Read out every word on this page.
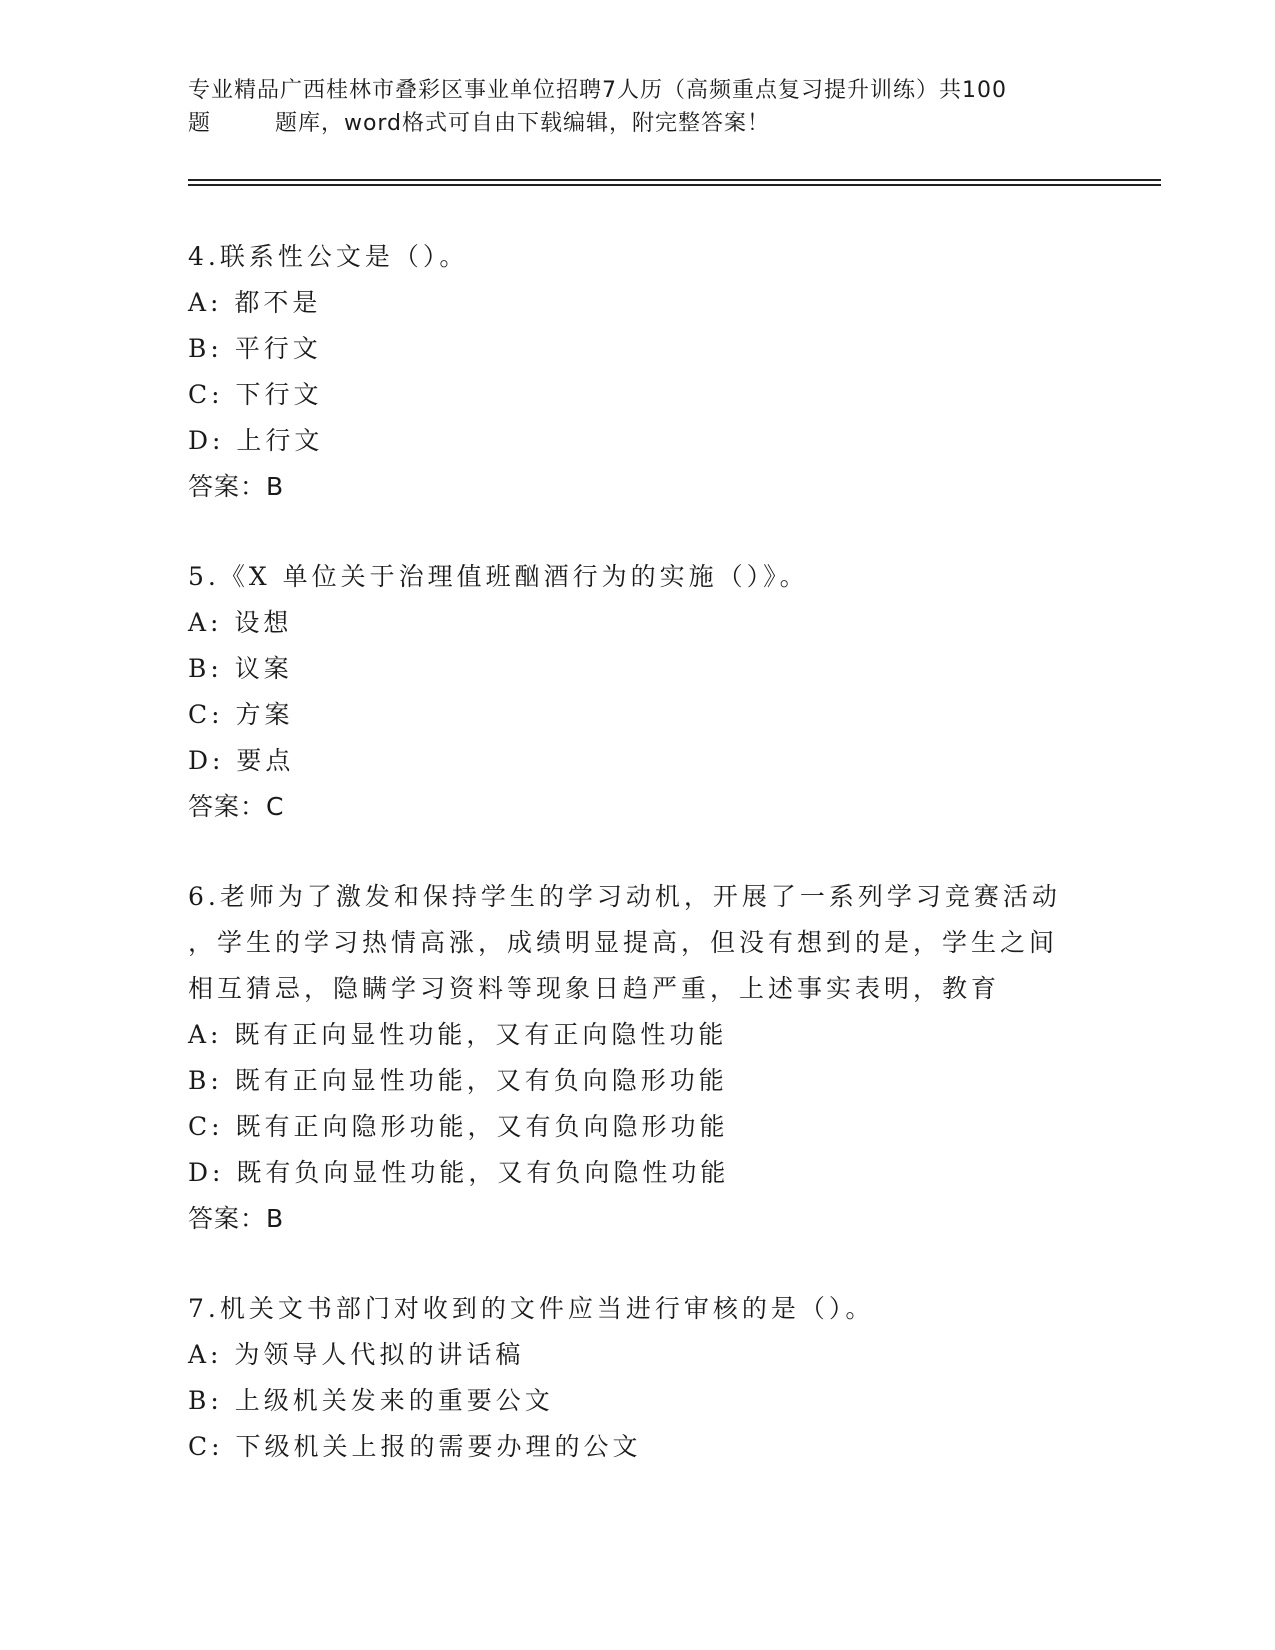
专业精品广西桂林市叠彩区事业单位招聘7人历（高频重点复习提升训练）共100

题        题库，word格式可自由下载编辑，附完整答案！
4.联系性公文是（）。
A: 都不是
B: 平行文
C: 下行文
D: 上行文
答案：B
5.《X 单位关于治理值班酗酒行为的实施（）》。
A: 设想
B: 议案
C: 方案
D: 要点
答案：C
6.老师为了激发和保持学生的学习动机，开展了一系列学习竞赛活动
，学生的学习热情高涨，成绩明显提高，但没有想到的是，学生之间
相互猜忌，隐瞒学习资料等现象日趋严重，上述事实表明，教育
A: 既有正向显性功能，又有正向隐性功能
B: 既有正向显性功能，又有负向隐形功能
C: 既有正向隐形功能，又有负向隐形功能
D: 既有负向显性功能，又有负向隐性功能
答案：B
7.机关文书部门对收到的文件应当进行审核的是（）。
A: 为领导人代拟的讲话稿
B: 上级机关发来的重要公文
C: 下级机关上报的需要办理的公文
